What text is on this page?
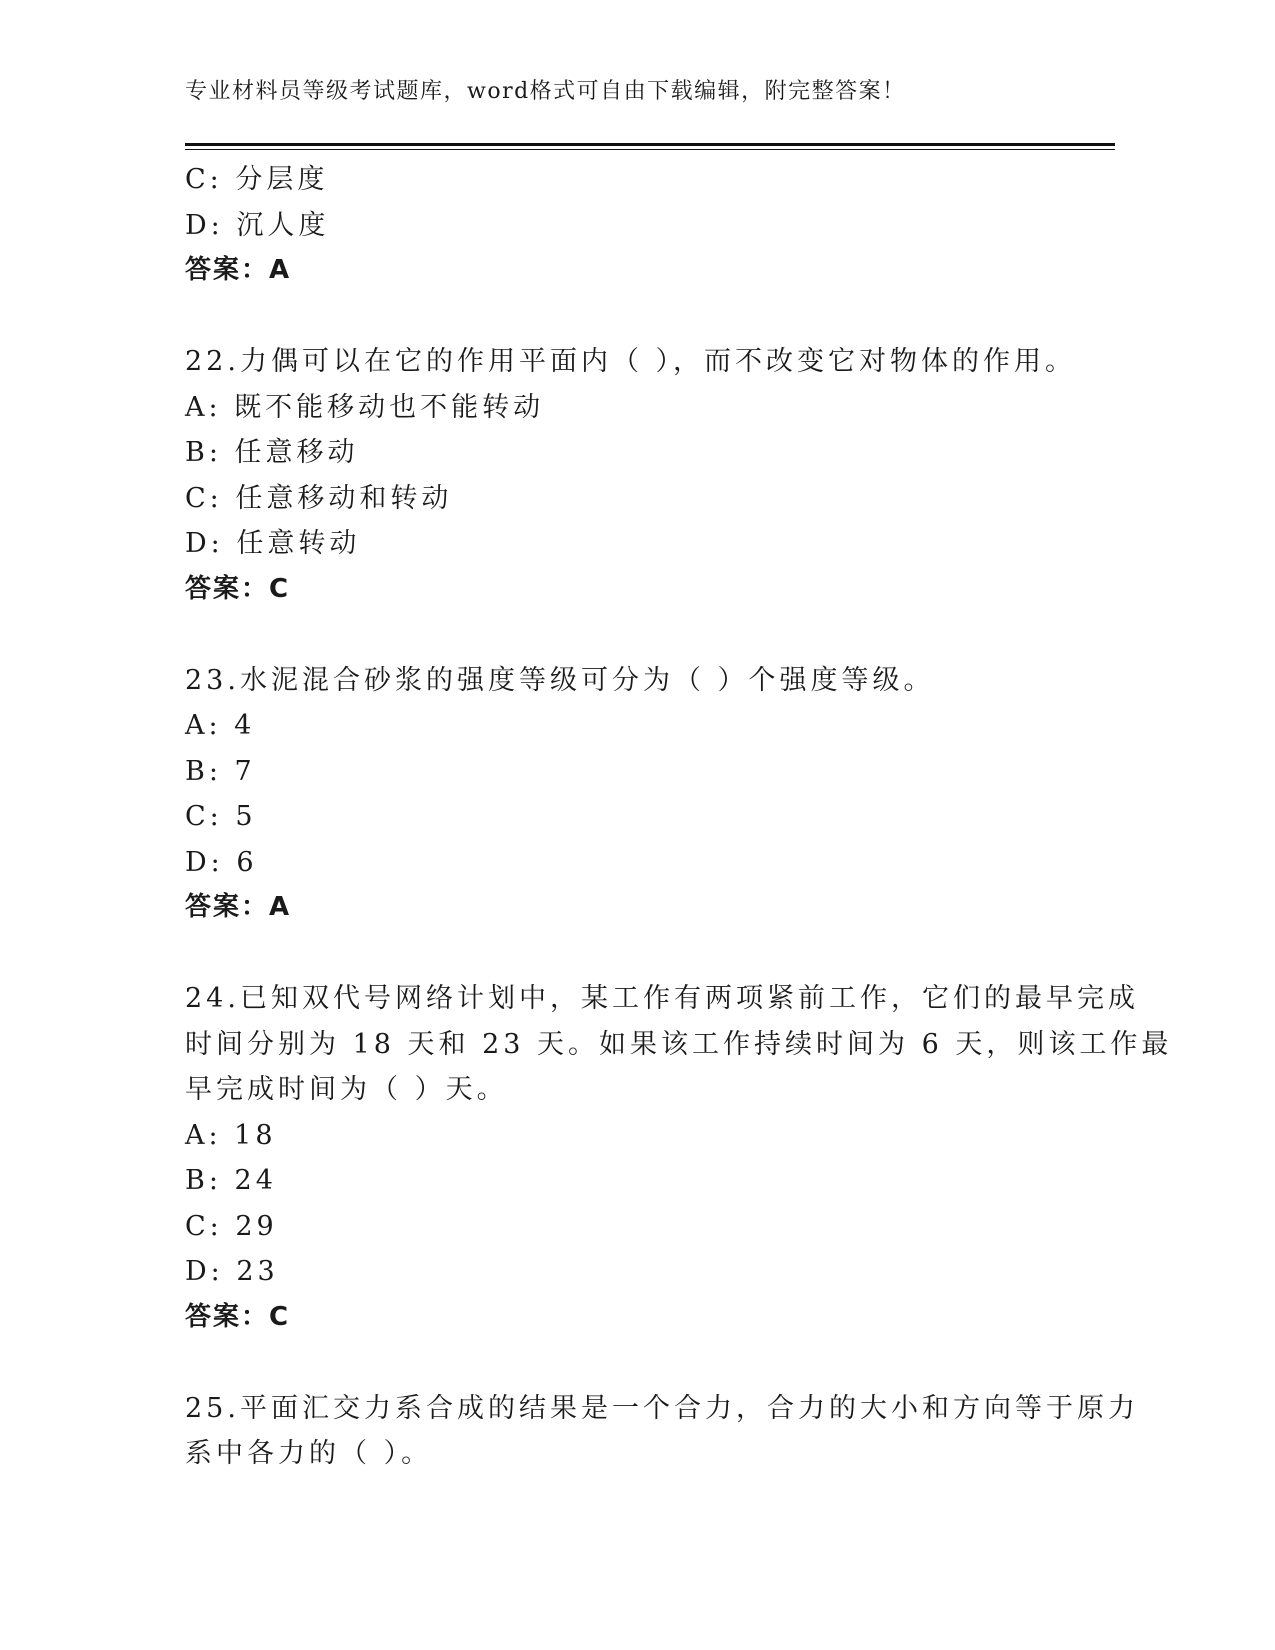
专业材料员等级考试题库，word格式可自由下载编辑，附完整答案！
C: 分层度
D: 沉人度
答案：A
22.力偶可以在它的作用平面内（ ），而不改变它对物体的作用。
A: 既不能移动也不能转动
B: 任意移动
C: 任意移动和转动
D: 任意转动
答案：C
23.水泥混合砂浆的强度等级可分为（ ）个强度等级。
A: 4
B: 7
C: 5
D: 6
答案：A
24.已知双代号网络计划中，某工作有两项紧前工作，它们的最早完成
时间分别为 18 天和 23 天。如果该工作持续时间为 6 天，则该工作最
早完成时间为（ ）天。
A: 18
B: 24
C: 29
D: 23
答案：C
25.平面汇交力系合成的结果是一个合力，合力的大小和方向等于原力
系中各力的（ ）。
